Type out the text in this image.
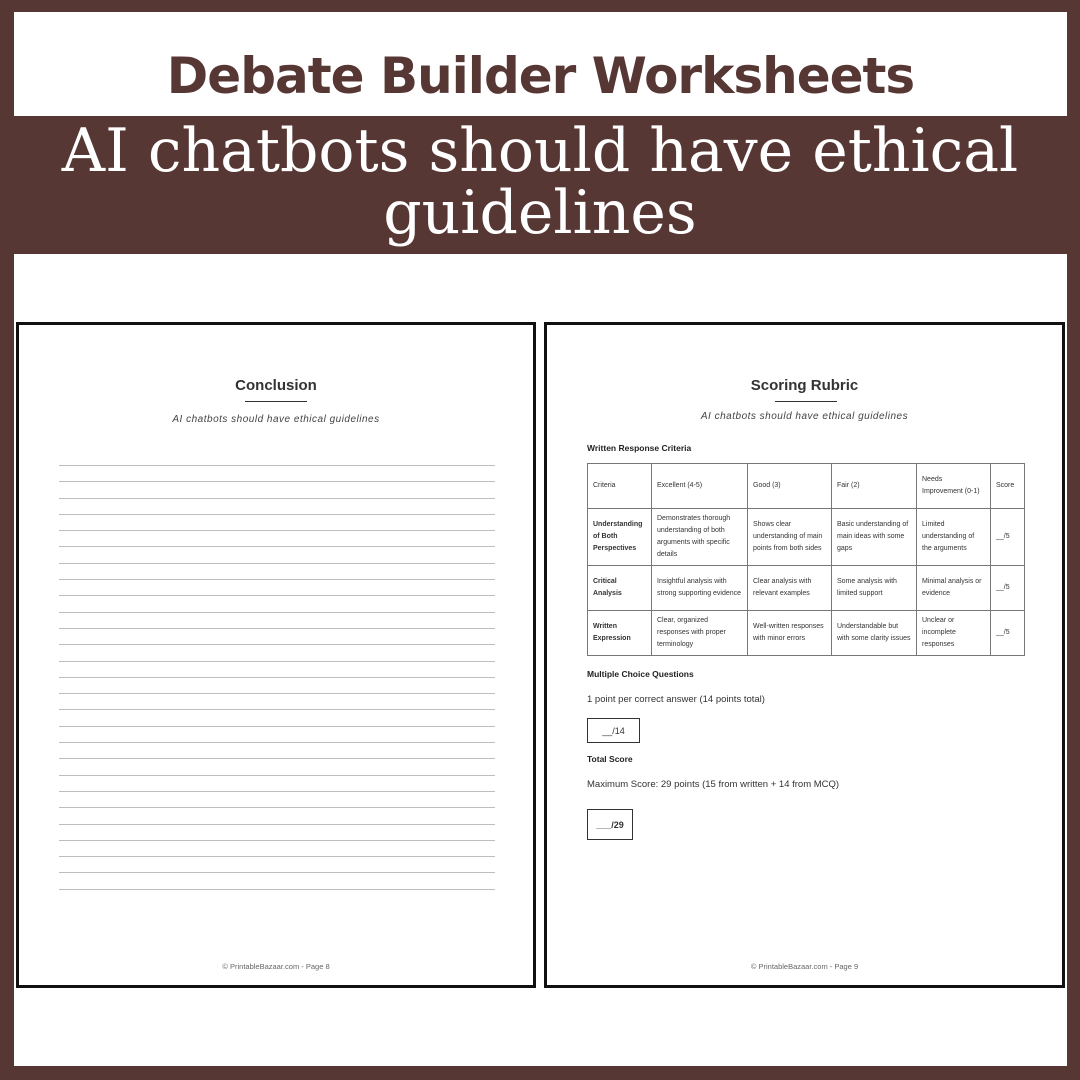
Debate Builder Worksheets
AI chatbots should have ethical guidelines
Conclusion
AI chatbots should have ethical guidelines
© PrintableBazaar.com - Page 8
Scoring Rubric
AI chatbots should have ethical guidelines
Written Response Criteria
Criteria	Excellent (4-5)	Good (3)	Fair (2)	Needs Improvement (0-1)	Score
Understanding of Both Perspectives	Demonstrates thorough understanding of both arguments with specific details	Shows clear understanding of main points from both sides	Basic understanding of main ideas with some gaps	Limited understanding of the arguments	__/5
Critical Analysis	Insightful analysis with strong supporting evidence	Clear analysis with relevant examples	Some analysis with limited support	Minimal analysis or evidence	__/5
Written Expression	Clear, organized responses with proper terminology	Well-written responses with minor errors	Understandable but with some clarity issues	Unclear or incomplete responses	__/5
Multiple Choice Questions
1 point per correct answer (14 points total)
__/14
Total Score
Maximum Score: 29 points (15 from written + 14 from MCQ)
___/29
© PrintableBazaar.com - Page 9
